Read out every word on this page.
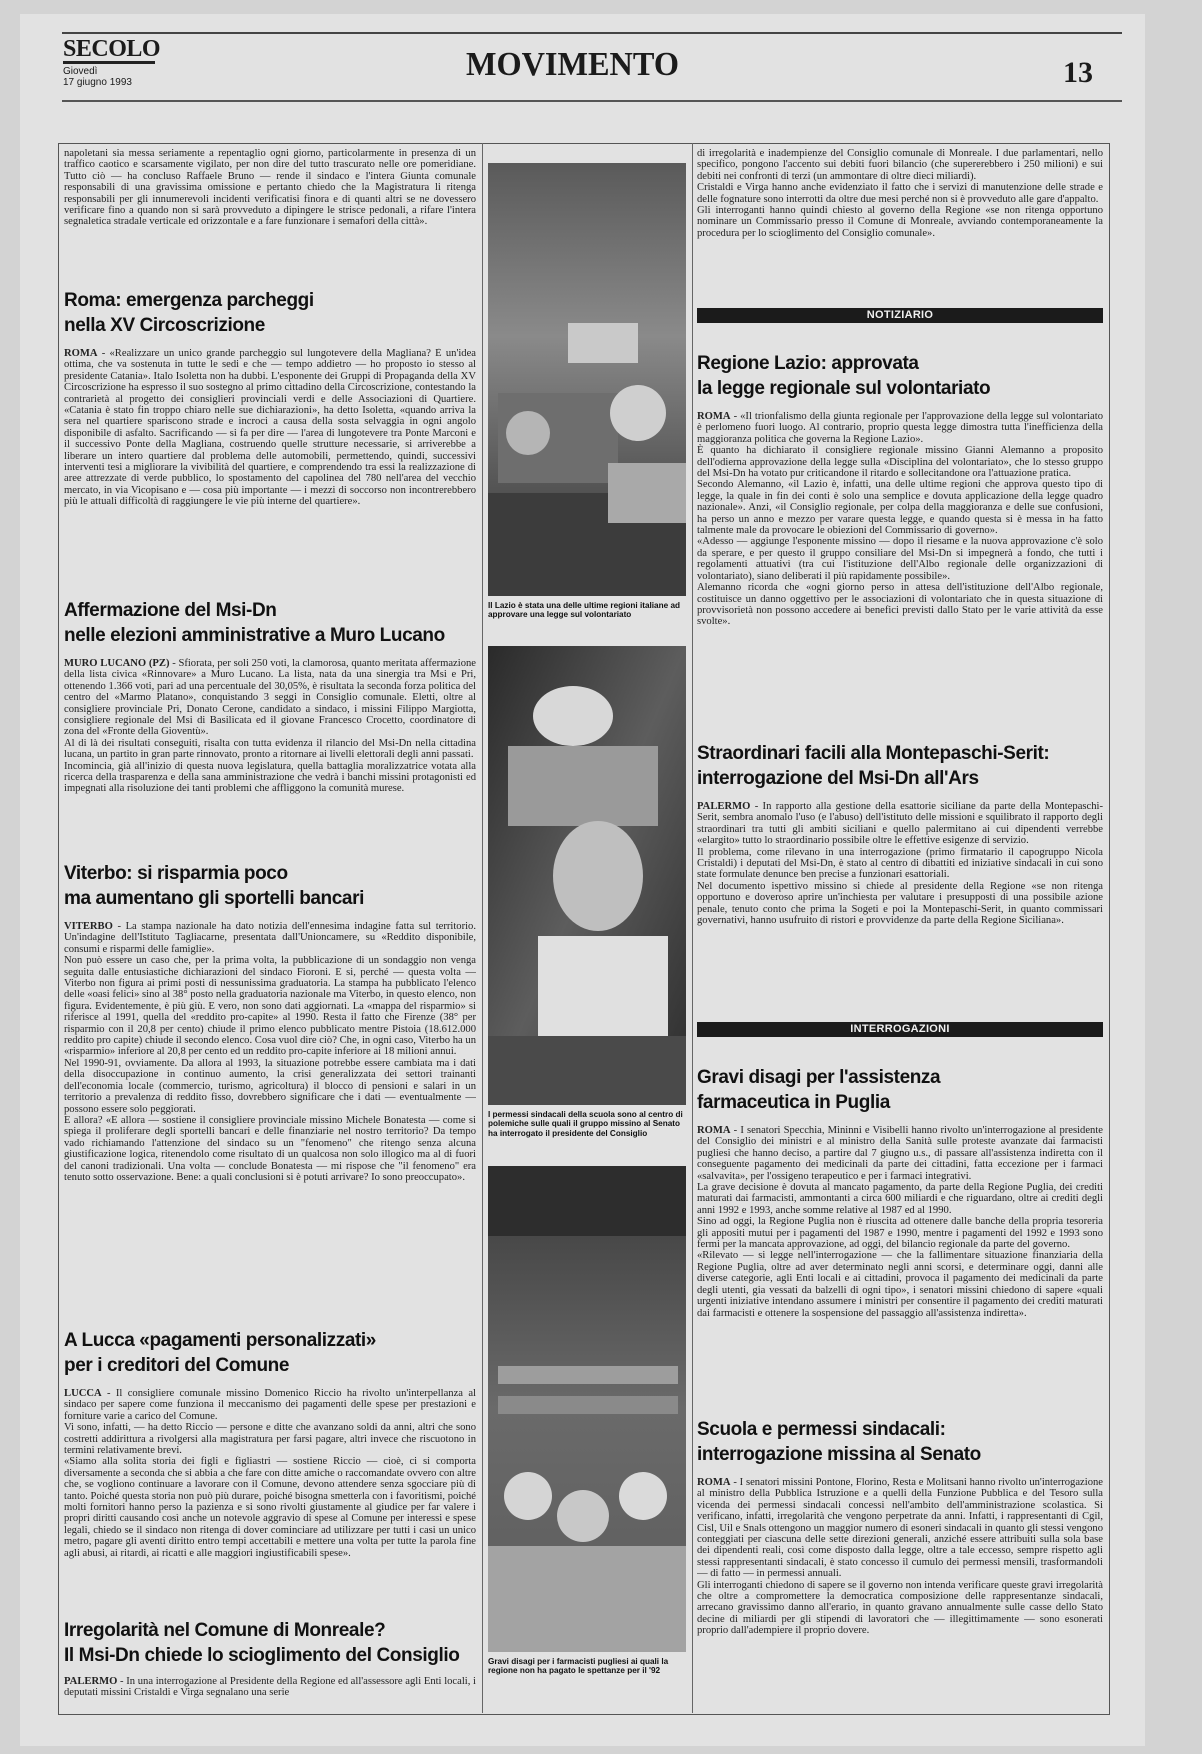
SECOLO
Giovedì
17 giugno 1993	MOVIMENTO	13

napoletani sia messa seriamente a repentaglio ogni giorno, particolarmente in presenza di un traffico caotico e scarsamente vigilato, per non dire del tutto trascurato nelle ore pomeridiane. Tutto ciò — ha concluso Raffaele Bruno — rende il sindaco e l'intera Giunta comunale responsabili di una gravissima omissione e pertanto chiedo che la Magistratura li ritenga responsabili per gli innumerevoli incidenti verificatisi finora e di quanti altri se ne dovessero verificare fino a quando non si sarà provveduto a dipingere le strisce pedonali, a rifare l'intera segnaletica stradale verticale ed orizzontale e a fare funzionare i semafori della città».

Roma: emergenza parcheggi
nella XV Circoscrizione

ROMA - «Realizzare un unico grande parcheggio sul lungotevere della Magliana? È un'idea ottima, che va sostenuta in tutte le sedi e che — tempo addietro — ho proposto io stesso al presidente Catania». Italo Isoletta non ha dubbi. L'esponente dei Gruppi di Propaganda della XV Circoscrizione ha espresso il suo sostegno al primo cittadino della Circoscrizione, contestando la contrarietà al progetto dei consiglieri provinciali verdi e delle Associazioni di Quartiere. «Catania è stato fin troppo chiaro nelle sue dichiarazioni», ha detto Isoletta, «quando arriva la sera nel quartiere spariscono strade e incroci a causa della sosta selvaggia in ogni angolo disponibile di asfalto. Sacrificando — si fa per dire — l'area di lungotevere tra Ponte Marconi e il successivo Ponte della Magliana, costruendo quelle strutture necessarie, si arriverebbe a liberare un intero quartiere dal problema delle automobili, permettendo, quindi, successivi interventi tesi a migliorare la vivibilità del quartiere, e comprendendo tra essi la realizzazione di aree attrezzate di verde pubblico, lo spostamento del capolinea del 780 nell'area del vecchio mercato, in via Vicopisano e — cosa più importante — i mezzi di soccorso non incontrerebbero più le attuali difficoltà di raggiungere le vie più interne del quartiere».

Affermazione del Msi-Dn
nelle elezioni amministrative a Muro Lucano

MURO LUCANO (PZ) - Sfiorata, per soli 250 voti, la clamorosa, quanto meritata affermazione della lista civica «Rinnovare» a Muro Lucano. La lista, nata da una sinergia tra Msi e Pri, ottenendo 1.366 voti, pari ad una percentuale del 30,05%, è risultata la seconda forza politica del centro del «Marmo Platano», conquistando 3 seggi in Consiglio comunale. Eletti, oltre al consigliere provinciale Pri, Donato Cerone, candidato a sindaco, i missini Filippo Margiotta, consigliere regionale del Msi di Basilicata ed il giovane Francesco Crocetto, coordinatore di zona del «Fronte della Gioventù».
Al di là dei risultati conseguiti, risalta con tutta evidenza il rilancio del Msi-Dn nella cittadina lucana, un partito in gran parte rinnovato, pronto a ritornare ai livelli elettorali degli anni passati.
Incomincia, già all'inizio di questa nuova legislatura, quella battaglia moralizzatrice votata alla ricerca della trasparenza e della sana amministrazione che vedrà i banchi missini protagonisti ed impegnati alla risoluzione dei tanti problemi che affliggono la comunità murese.

Viterbo: si risparmia poco
ma aumentano gli sportelli bancari

VITERBO - La stampa nazionale ha dato notizia dell'ennesima indagine fatta sul territorio. Un'indagine dell'Istituto Tagliacarne, presentata dall'Unioncamere, su «Reddito disponibile, consumi e risparmi delle famiglie».
Non può essere un caso che, per la prima volta, la pubblicazione di un sondaggio non venga seguita dalle entusiastiche dichiarazioni del sindaco Fioroni. E si, perché — questa volta — Viterbo non figura ai primi posti di nessunissima graduatoria. La stampa ha pubblicato l'elenco delle «oasi felici» sino al 38° posto nella graduatoria nazionale ma Viterbo, in questo elenco, non figura. Evidentemente, è più giù. E vero, non sono dati aggiornati. La «mappa del risparmio» si riferisce al 1991, quella del «reddito pro-capite» al 1990. Resta il fatto che Firenze (38° per risparmio con il 20,8 per cento) chiude il primo elenco pubblicato mentre Pistoia (18.612.000 reddito pro capite) chiude il secondo elenco. Cosa vuol dire ciò? Che, in ogni caso, Viterbo ha un «risparmio» inferiore al 20,8 per cento ed un reddito pro-capite inferiore ai 18 milioni annui.
Nel 1990-91, ovviamente. Da allora al 1993, la situazione potrebbe essere cambiata ma i dati della disoccupazione in continuo aumento, la crisi generalizzata dei settori trainanti dell'economia locale (commercio, turismo, agricoltura) il blocco di pensioni e salari in un territorio a prevalenza di reddito fisso, dovrebbero significare che i dati — eventualmente — possono essere solo peggiorati.
E allora? «E allora — sostiene il consigliere provinciale missino Michele Bonatesta — come si spiega il proliferare degli sportelli bancari e delle finanziarie nel nostro territorio? Da tempo vado richiamando l'attenzione del sindaco su un "fenomeno" che ritengo senza alcuna giustificazione logica, ritenendolo come risultato di un qualcosa non solo illogico ma al di fuori del canoni tradizionali. Una volta — conclude Bonatesta — mi rispose che "il fenomeno" era tenuto sotto osservazione. Bene: a quali conclusioni si è potuti arrivare? Io sono preoccupato».

A Lucca «pagamenti personalizzati»
per i creditori del Comune

LUCCA - Il consigliere comunale missino Domenico Riccio ha rivolto un'interpellanza al sindaco per sapere come funziona il meccanismo dei pagamenti delle spese per prestazioni e forniture varie a carico del Comune.
Vi sono, infatti, — ha detto Riccio — persone e ditte che avanzano soldi da anni, altri che sono costretti addirittura a rivolgersi alla magistratura per farsi pagare, altri invece che riscuotono in termini relativamente brevi.
«Siamo alla solita storia dei figli e figliastri — sostiene Riccio — cioè, ci si comporta diversamente a seconda che si abbia a che fare con ditte amiche o raccomandate ovvero con altre che, se vogliono continuare a lavorare con il Comune, devono attendere senza sgocciare più di tanto. Poiché questa storia non può più durare, poiché bisogna smetterla con i favoritismi, poiché molti fornitori hanno perso la pazienza e si sono rivolti giustamente al giudice per far valere i propri diritti causando così anche un notevole aggravio di spese al Comune per interessi e spese legali, chiedo se il sindaco non ritenga di dover cominciare ad utilizzare per tutti i casi un unico metro, pagare gli aventi diritto entro tempi accettabili e mettere una volta per tutte la parola fine agli abusi, ai ritardi, ai ricatti e alle maggiori ingiustificabili spese».

Irregolarità nel Comune di Monreale?
Il Msi-Dn chiede lo scioglimento del Consiglio

PALERMO - In una interrogazione al Presidente della Regione ed all'assessore agli Enti locali, i deputati missini Cristaldi e Virga segnalano una serie

Il Lazio è stata una delle ultime regioni italiane ad approvare una legge sul volontariato
I permessi sindacali della scuola sono al centro di polemiche sulle quali il gruppo missino al Senato ha interrogato il presidente del Consiglio
Gravi disagi per i farmacisti pugliesi ai quali la regione non ha pagato le spettanze per il '92

di irregolarità e inadempienze del Consiglio comunale di Monreale. I due parlamentari, nello specifico, pongono l'accento sui debiti fuori bilancio (che supererebbero i 250 milioni) e sui debiti nei confronti di terzi (un ammontare di oltre dieci miliardi).
Cristaldi e Virga hanno anche evidenziato il fatto che i servizi di manutenzione delle strade e delle fognature sono interrotti da oltre due mesi perché non si è provveduto alle gare d'appalto.
Gli interroganti hanno quindi chiesto al governo della Regione «se non ritenga opportuno nominare un Commissario presso il Comune di Monreale, avviando contemporaneamente la procedura per lo scioglimento del Consiglio comunale».

NOTIZIARIO
Regione Lazio: approvata
la legge regionale sul volontariato

ROMA - «Il trionfalismo della giunta regionale per l'approvazione della legge sul volontariato è perlomeno fuori luogo. Al contrario, proprio questa legge dimostra tutta l'inefficienza della maggioranza politica che governa la Regione Lazio».
È quanto ha dichiarato il consigliere regionale missino Gianni Alemanno a proposito dell'odierna approvazione della legge sulla «Disciplina del volontariato», che lo stesso gruppo del Msi-Dn ha votato pur criticandone il ritardo e sollecitandone ora l'attuazione pratica.
Secondo Alemanno, «il Lazio è, infatti, una delle ultime regioni che approva questo tipo di legge, la quale in fin dei conti è solo una semplice e dovuta applicazione della legge quadro nazionale». Anzi, «il Consiglio regionale, per colpa della maggioranza e delle sue confusioni, ha perso un anno e mezzo per varare questa legge, e quando questa si è messa in ha fatto talmente male da provocare le obiezioni del Commissario di governo».
«Adesso — aggiunge l'esponente missino — dopo il riesame e la nuova approvazione c'è solo da sperare, e per questo il gruppo consiliare del Msi-Dn si impegnerà a fondo, che tutti i regolamenti attuativi (tra cui l'istituzione dell'Albo regionale delle organizzazioni di volontariato), siano deliberati il più rapidamente possibile».
Alemanno ricorda che «ogni giorno perso in attesa dell'istituzione dell'Albo regionale, costituisce un danno oggettivo per le associazioni di volontariato che in questa situazione di provvisorietà non possono accedere ai benefici previsti dallo Stato per le varie attività da esse svolte».

Straordinari facili alla Montepaschi-Serit:
interrogazione del Msi-Dn all'Ars

PALERMO - In rapporto alla gestione della esattorie siciliane da parte della Montepaschi-Serit, sembra anomalo l'uso (e l'abuso) dell'istituto delle missioni e squilibrato il rapporto degli straordinari tra tutti gli ambiti siciliani e quello palermitano ai cui dipendenti verrebbe «elargito» tutto lo straordinario possibile oltre le effettive esigenze di servizio.
Il problema, come rilevano in una interrogazione (primo firmatario il capogruppo Nicola Cristaldi) i deputati del Msi-Dn, è stato al centro di dibattiti ed iniziative sindacali in cui sono state formulate denunce ben precise a funzionari esattoriali.
Nel documento ispettivo missino si chiede al presidente della Regione «se non ritenga opportuno e doveroso aprire un'inchiesta per valutare i presupposti di una possibile azione penale, tenuto conto che prima la Sogeti e poi la Montepaschi-Serit, in quanto commissari governativi, hanno usufruito di ristori e provvidenze da parte della Regione Siciliana».

INTERROGAZIONI
Gravi disagi per l'assistenza
farmaceutica in Puglia

ROMA - I senatori Specchia, Mininni e Visibelli hanno rivolto un'interrogazione al presidente del Consiglio dei ministri e al ministro della Sanità sulle proteste avanzate dai farmacisti pugliesi che hanno deciso, a partire dal 7 giugno u.s., di passare all'assistenza indiretta con il conseguente pagamento dei medicinali da parte dei cittadini, fatta eccezione per i farmaci «salvavita», per l'ossigeno terapeutico e per i farmaci integrativi.
La grave decisione è dovuta al mancato pagamento, da parte della Regione Puglia, dei crediti maturati dai farmacisti, ammontanti a circa 600 miliardi e che riguardano, oltre ai crediti degli anni 1992 e 1993, anche somme relative al 1987 ed al 1990.
Sino ad oggi, la Regione Puglia non è riuscita ad ottenere dalle banche della propria tesoreria gli appositi mutui per i pagamenti del 1987 e 1990, mentre i pagamenti del 1992 e 1993 sono fermi per la mancata approvazione, ad oggi, del bilancio regionale da parte del governo.
«Rilevato — si legge nell'interrogazione — che la fallimentare situazione finanziaria della Regione Puglia, oltre ad aver determinato negli anni scorsi, e determinare oggi, danni alle diverse categorie, agli Enti locali e ai cittadini, provoca il pagamento dei medicinali da parte degli utenti, gia vessati da balzelli di ogni tipo», i senatori missini chiedono di sapere «quali urgenti iniziative intendano assumere i ministri per consentire il pagamento dei crediti maturati dai farmacisti e ottenere la sospensione del passaggio all'assistenza indiretta».

Scuola e permessi sindacali:
interrogazione missina al Senato

ROMA - I senatori missini Pontone, Florino, Resta e Molitsani hanno rivolto un'interrogazione al ministro della Pubblica Istruzione e a quelli della Funzione Pubblica e del Tesoro sulla vicenda dei permessi sindacali concessi nell'ambito dell'amministrazione scolastica. Si verificano, infatti, irregolarità che vengono perpetrate da anni. Infatti, i rappresentanti di Cgil, Cisl, Uil e Snals ottengono un maggior numero di esoneri sindacali in quanto gli stessi vengono conteggiati per ciascuna delle sette direzioni generali, anziché essere attribuiti sulla sola base dei dipendenti reali, così come disposto dalla legge, oltre a tale eccesso, sempre rispetto agli stessi rappresentanti sindacali, è stato concesso il cumulo dei permessi mensili, trasformandoli — di fatto — in permessi annuali.
Gli interroganti chiedono di sapere se il governo non intenda verificare queste gravi irregolarità che oltre a compromettere la democratica composizione delle rappresentanze sindacali, arrecano gravissimo danno all'erario, in quanto gravano annualmente sulle casse dello Stato decine di miliardi per gli stipendi di lavoratori che — illegittimamente — sono esonerati proprio dall'adempiere il proprio dovere.
